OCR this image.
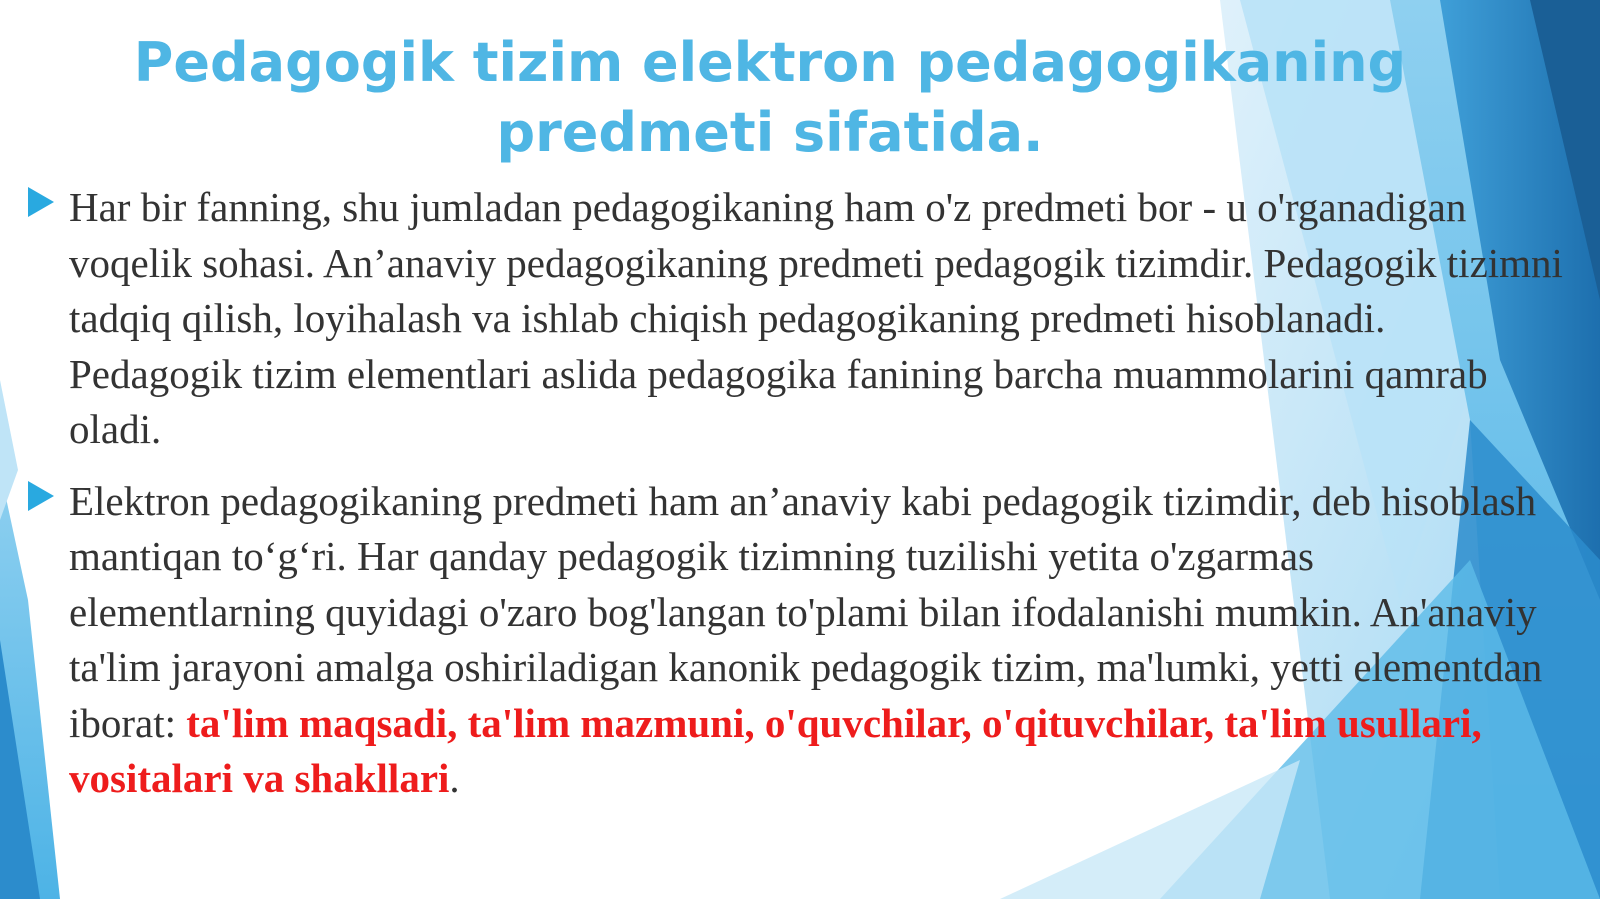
Pedagogik tizim elektron pedagogikaning predmeti sifatida.
Har bir fanning, shu jumladan pedagogikaning ham o'z predmeti bor - u o'rganadigan voqelik sohasi. An’anaviy pedagogikaning predmeti pedagogik tizimdir. Pedagogik tizimni tadqiq qilish, loyihalash va ishlab chiqish pedagogikaning predmeti hisoblanadi. Pedagogik tizim elementlari aslida pedagogika fanining barcha muammolarini qamrab oladi.
Elektron pedagogikaning predmeti ham an’anaviy kabi pedagogik tizimdir, deb hisoblash mantiqan to‘g‘ri. Har qanday pedagogik tizimning tuzilishi yetita o'zgarmas elementlarning quyidagi o'zaro bog'langan to'plami bilan ifodalanishi mumkin. An'anaviy ta'lim jarayoni amalga oshiriladigan kanonik pedagogik tizim, ma'lumki, yetti elementdan iborat: ta'lim maqsadi, ta'lim mazmuni, o'quvchilar, o'qituvchilar, ta'lim usullari, vositalari va shakllari.
